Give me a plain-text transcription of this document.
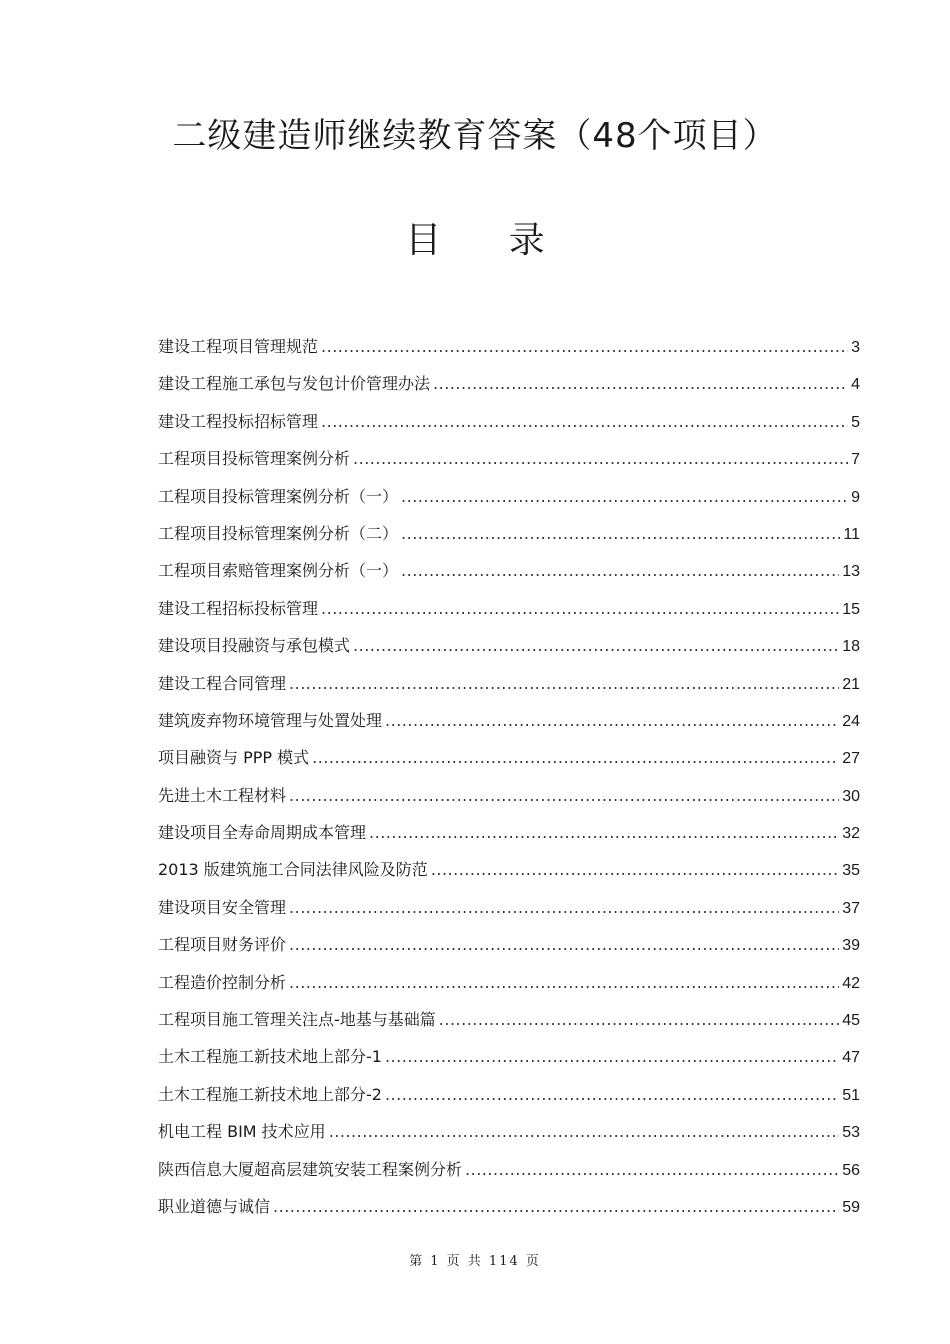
二级建造师继续教育答案（48个项目）
目 录
建设工程项目管理规范 .....	3
建设工程施工承包与发包计价管理办法 .....	4
建设工程投标招标管理 .....	5
工程项目投标管理案例分析 .....	7
工程项目投标管理案例分析（一） .....	9
工程项目投标管理案例分析（二） .....	11
工程项目索赔管理案例分析（一） .....	13
建设工程招标投标管理 .....	15
建设项目投融资与承包模式 .....	18
建设工程合同管理 .....	21
建筑废弃物环境管理与处置处理 .....	24
项目融资与 PPP 模式 .....	27
先进土木工程材料 .....	30
建设项目全寿命周期成本管理 .....	32
2013 版建筑施工合同法律风险及防范 .....	35
建设项目安全管理 .....	37
工程项目财务评价 .....	39
工程造价控制分析 .....	42
工程项目施工管理关注点-地基与基础篇 .....	45
土木工程施工新技术地上部分-1 .....	47
土木工程施工新技术地上部分-2 .....	51
机电工程 BIM 技术应用 .....	53
陕西信息大厦超高层建筑安装工程案例分析 .....	56
职业道德与诚信 .....	59
第 1 页 共 114 页
